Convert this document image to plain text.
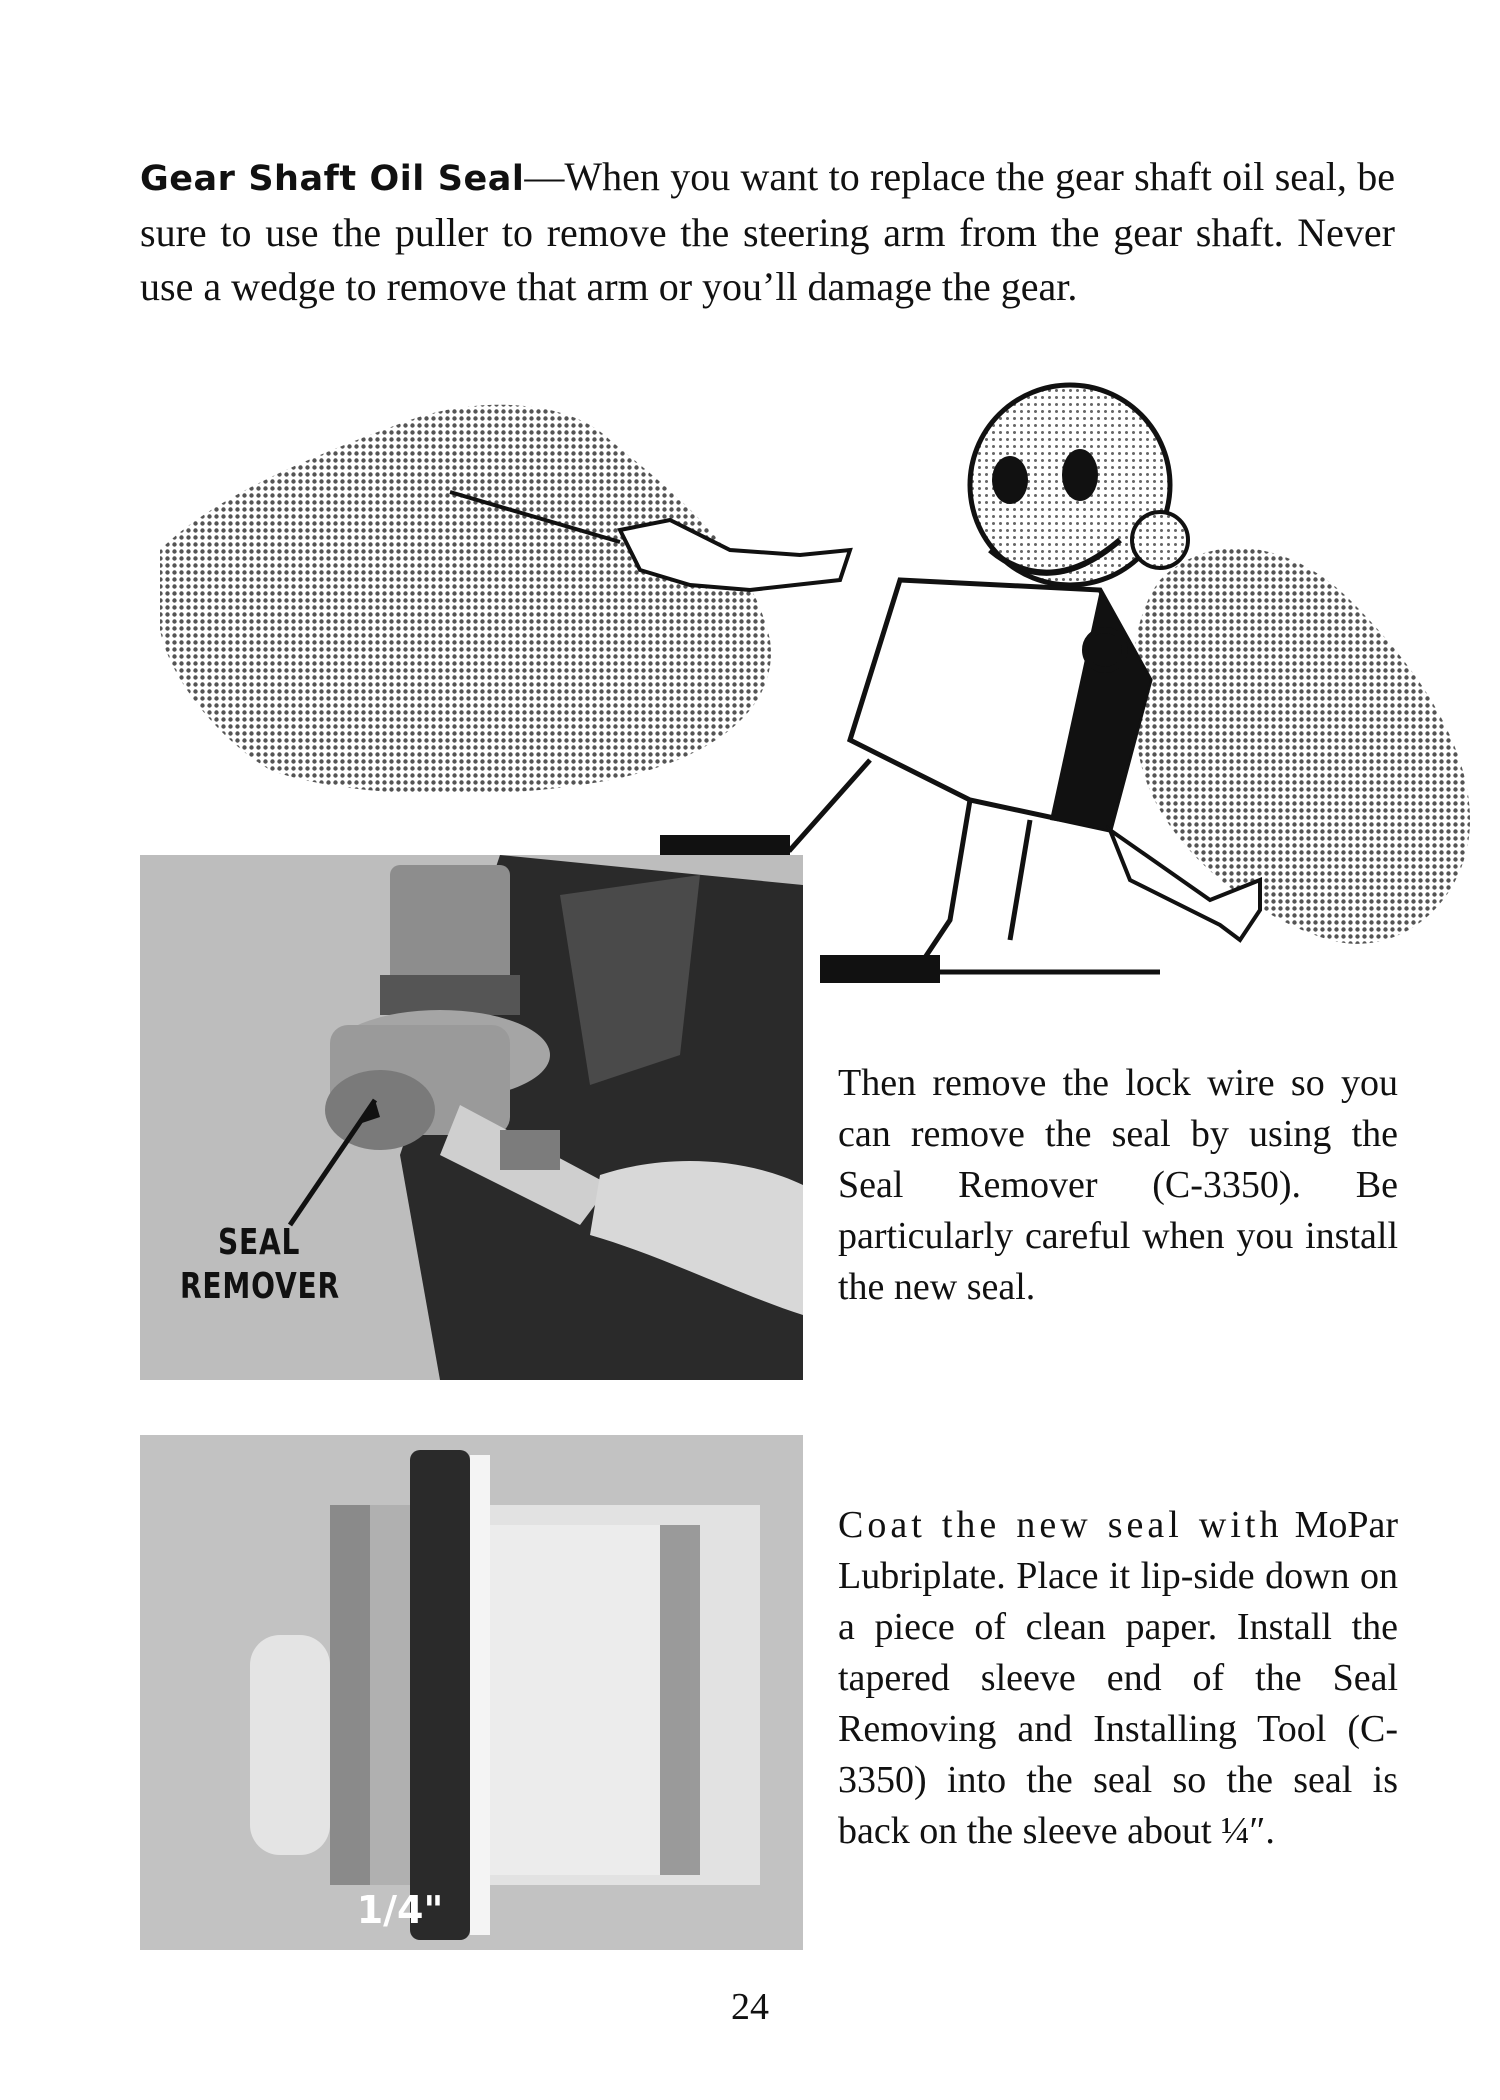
Gear Shaft Oil Seal—When you want to replace the gear shaft oil seal, be sure to use the puller to remove the steering arm from the gear shaft. Never use a wedge to remove that arm or you’ll damage the gear.
SEAL
REMOVER
1/4"
Then remove the lock wire so you can remove the seal by using the Seal Remover (C-3350). Be particularly careful when you install the new seal.
Coat the new seal with MoPar Lubriplate. Place it lip-side down on a piece of clean paper. Install the tapered sleeve end of the Seal Removing and Installing Tool (C-3350) into the seal so the seal is back on the sleeve about ¼″.
24
